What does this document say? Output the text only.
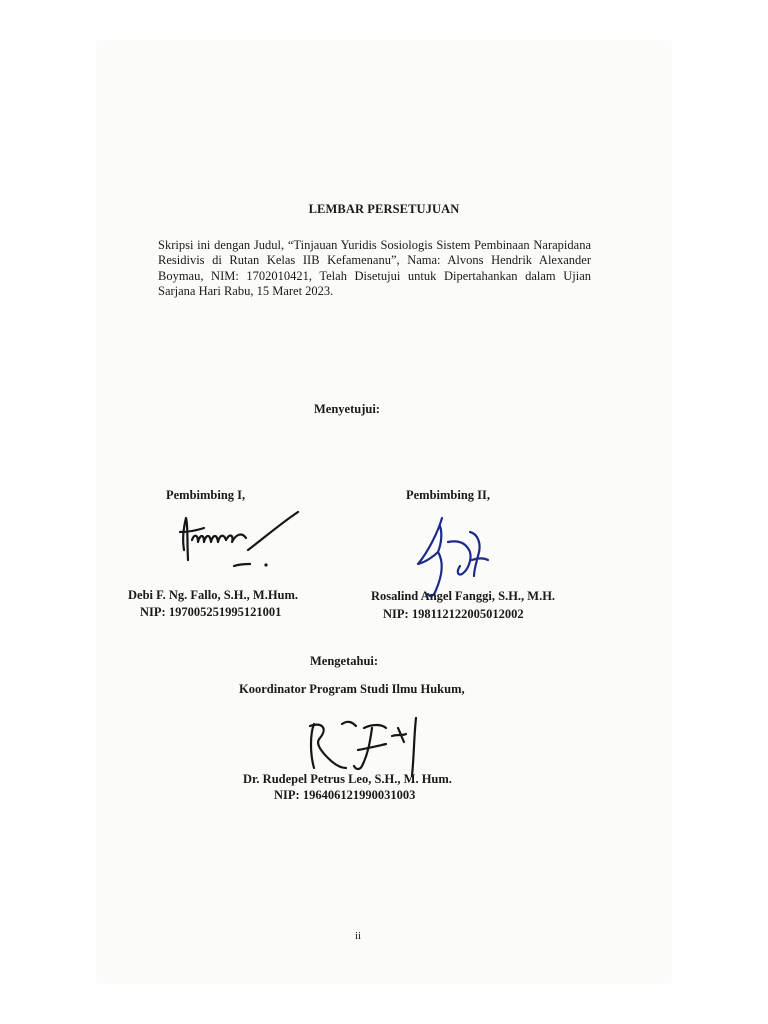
LEMBAR PERSETUJUAN
Skripsi ini dengan Judul, “Tinjauan Yuridis Sosiologis Sistem Pembinaan Narapidana Residivis di Rutan Kelas IIB Kefamenanu”, Nama: Alvons Hendrik Alexander Boymau, NIM: 1702010421, Telah Disetujui untuk Dipertahankan dalam Ujian Sarjana Hari Rabu, 15 Maret 2023.
Menyetujui:
Pembimbing I,
Debi F. Ng. Fallo, S.H., M.Hum.
NIP: 197005251995121001
Pembimbing II,
Rosalind Angel Fanggi, S.H., M.H.
NIP: 198112122005012002
Mengetahui:
Koordinator Program Studi Ilmu Hukum,
Dr. Rudepel Petrus Leo, S.H., M. Hum.
NIP: 196406121990031003
ii
